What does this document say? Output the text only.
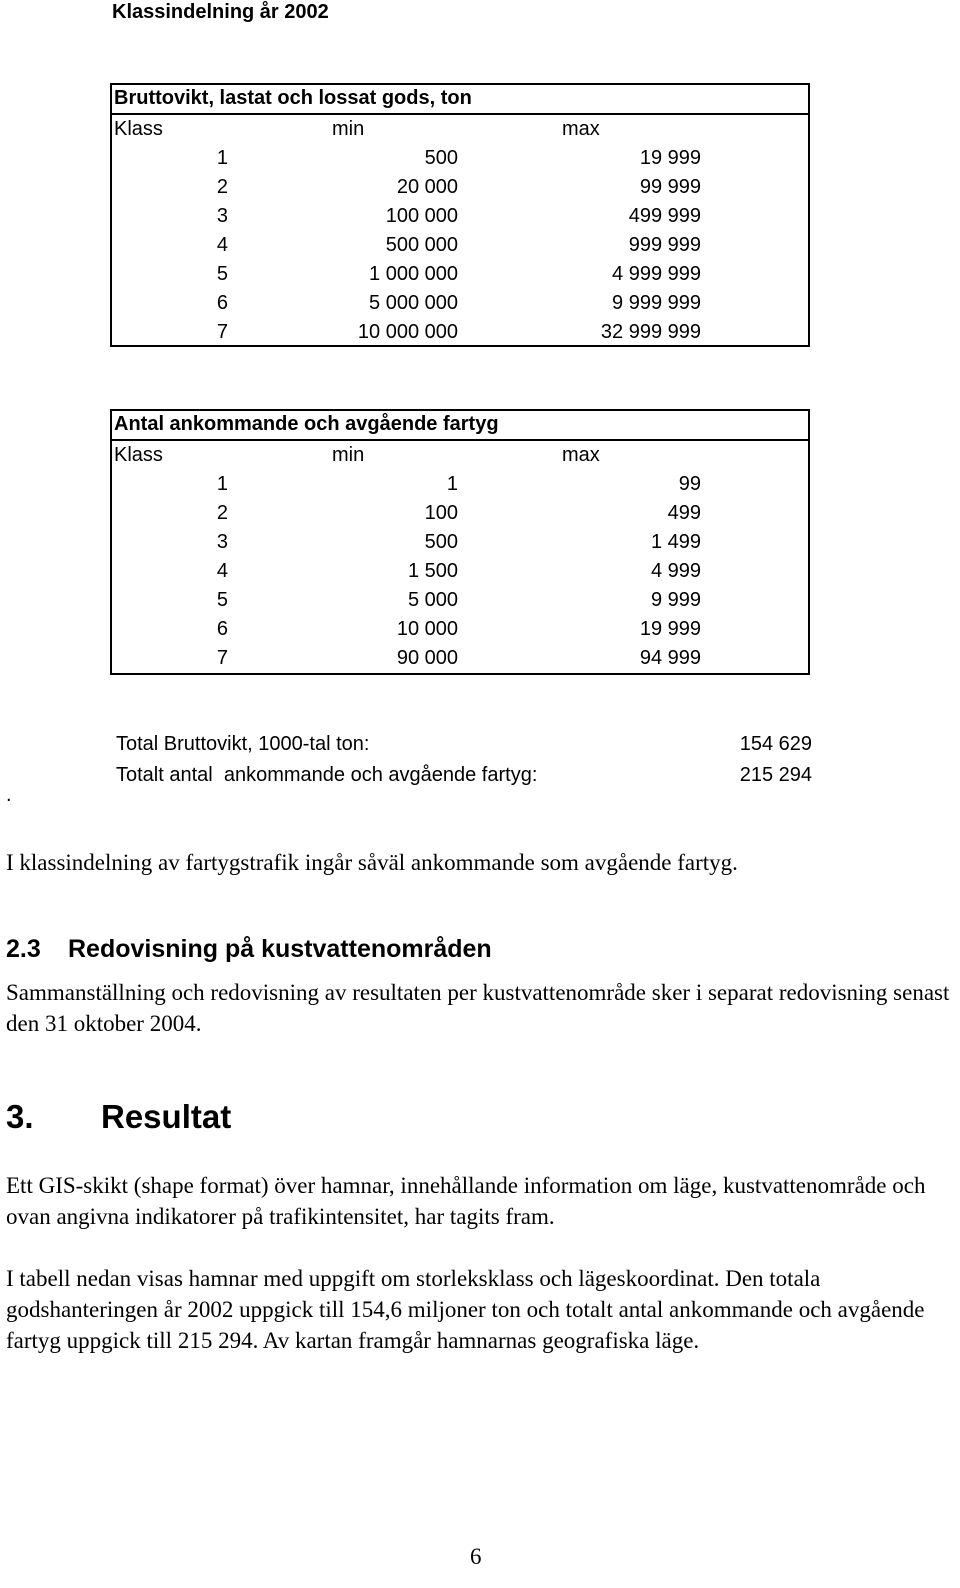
Klassindelning år 2002
Bruttovikt, lastat och lossat gods, ton
Klass	min	max
1	500	19 999
2	20 000	99 999
3	100 000	499 999
4	500 000	999 999
5	1 000 000	4 999 999
6	5 000 000	9 999 999
7	10 000 000	32 999 999
Antal ankommande och avgående fartyg
Klass	min	max
1	1	99
2	100	499
3	500	1 499
4	1 500	4 999
5	5 000	9 999
6	10 000	19 999
7	90 000	94 999
Total Bruttovikt, 1000-tal ton:	154 629
Totalt antal  ankommande och avgående fartyg:	215 294
.
I klassindelning av fartygstrafik ingår såväl ankommande som avgående fartyg.
2.3 Redovisning på kustvattenområden
Sammanställning och redovisning av resultaten per kustvattenområde sker i separat redovisning senast den 31 oktober 2004.
3. Resultat
Ett GIS-skikt (shape format) över hamnar, innehållande information om läge, kustvattenområde och ovan angivna indikatorer på trafikintensitet, har tagits fram.
I tabell nedan visas hamnar med uppgift om storleksklass och lägeskoordinat. Den totala godshanteringen år 2002 uppgick till 154,6 miljoner ton och totalt antal ankommande och avgående fartyg uppgick till 215 294. Av kartan framgår hamnarnas geografiska läge.
6
